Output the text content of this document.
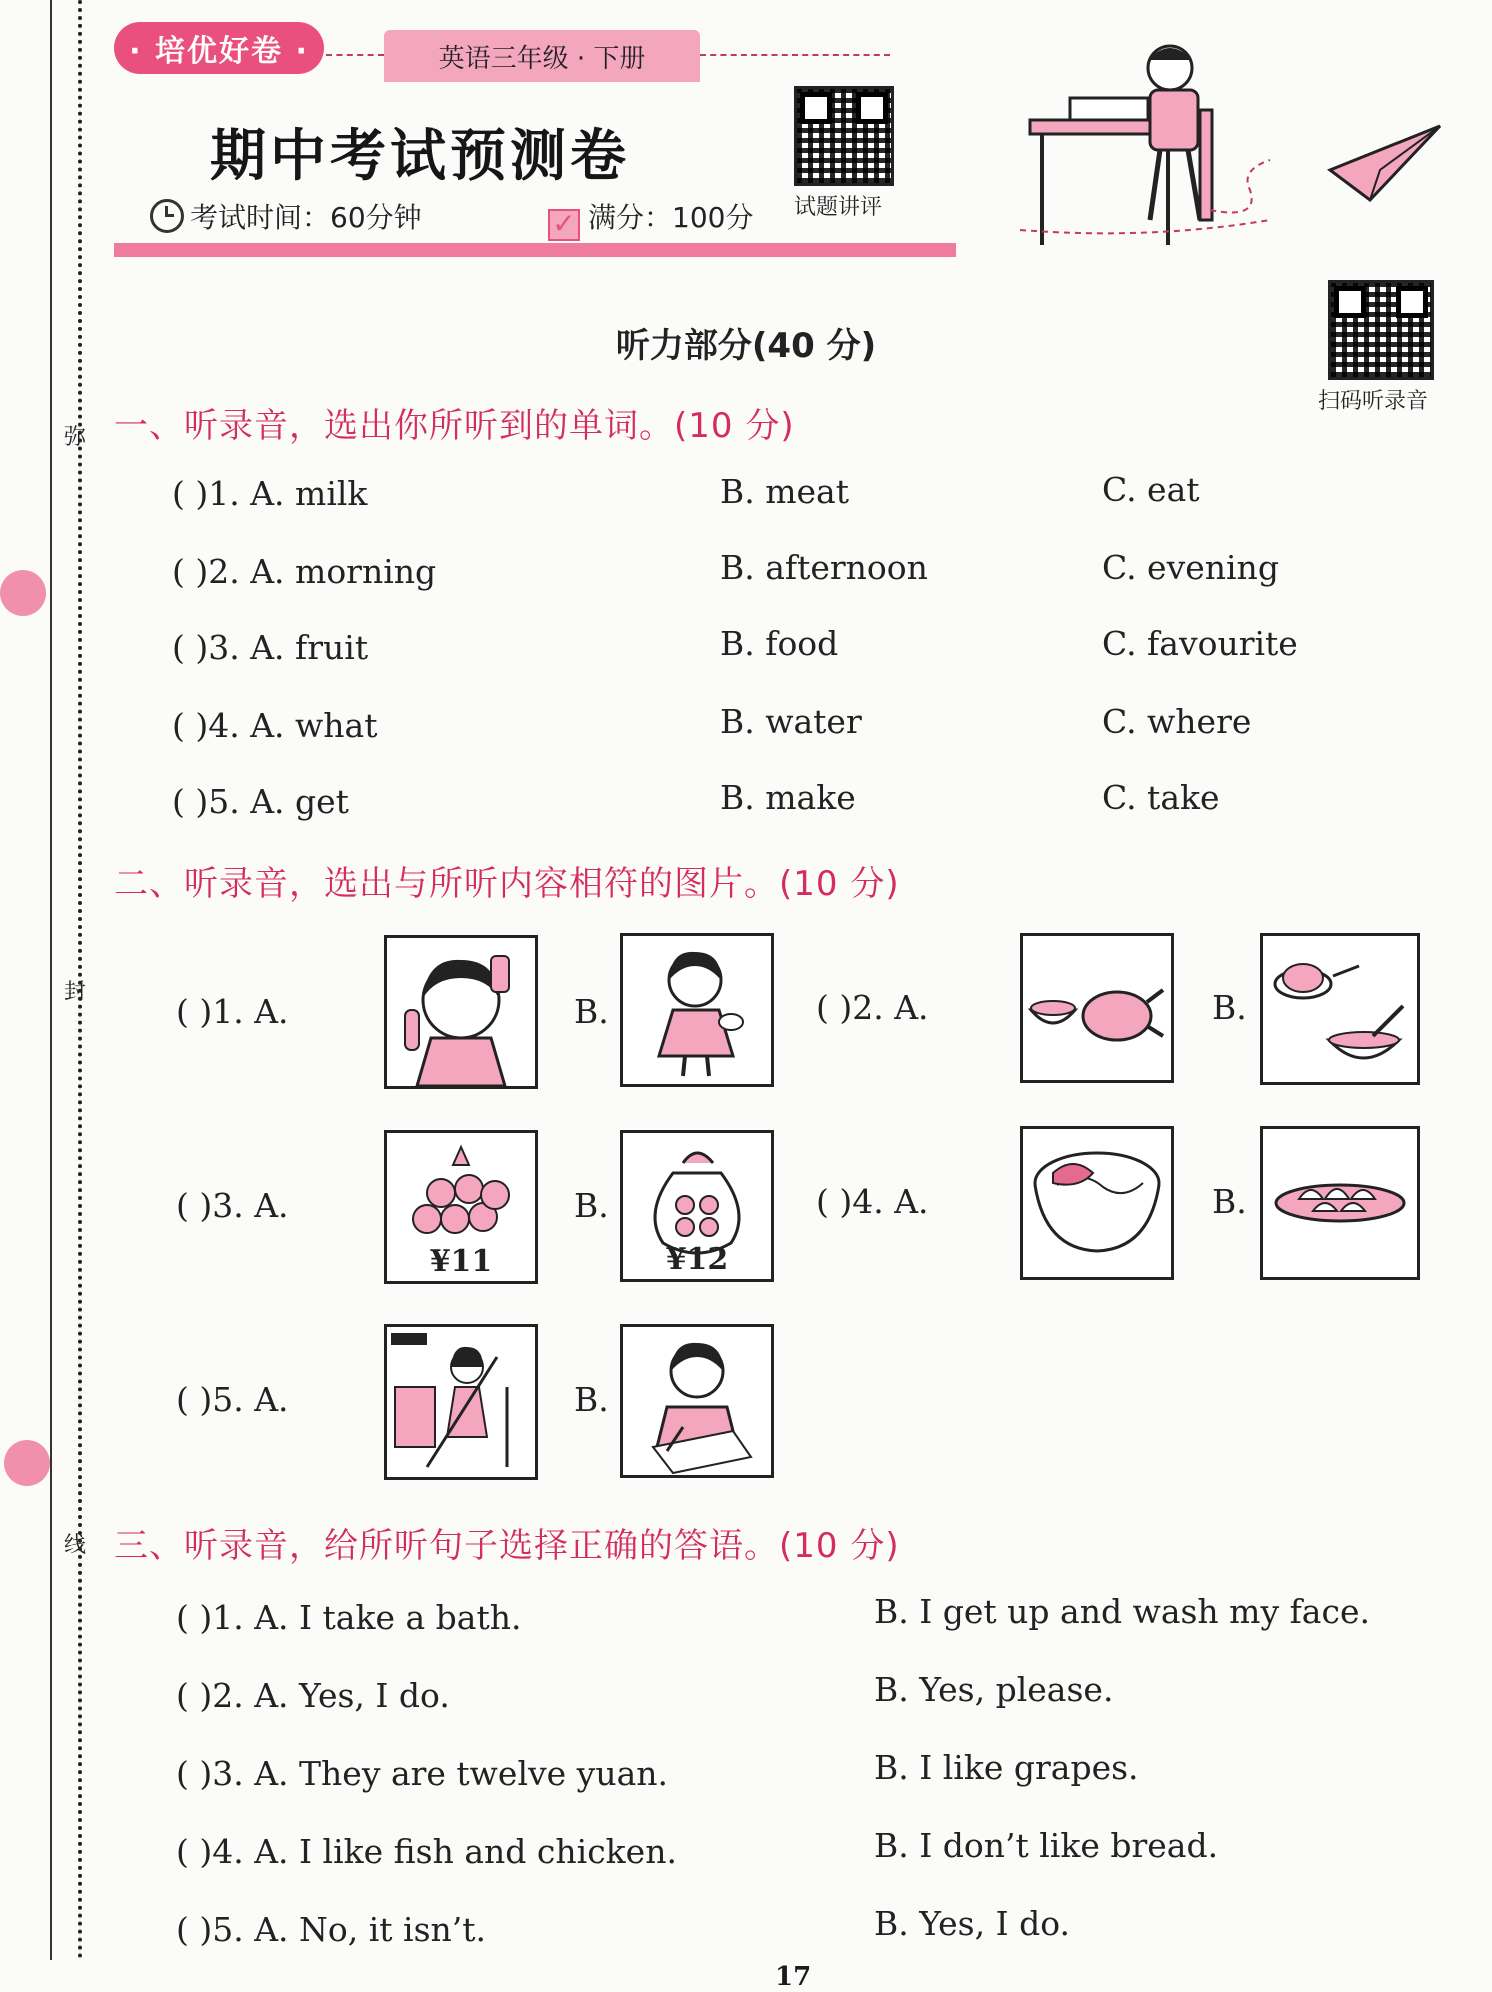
弥
封
线
· 培优好卷 ·	英语三年级 · 下册
期中考试预测卷
考试时间：60分钟	✓ 满分：100分 试题讲评
扫码听录音
听力部分(40 分)
一、听录音，选出你所听到的单词。(10 分)
( )1. A. milk	B. meat	C. eat
( )2. A. morning	B. afternoon	C. evening
( )3. A. fruit	B. food	C. favourite
( )4. A. what	B. water	C. where
( )5. A. get	B. make	C. take
二、听录音，选出与所听内容相符的图片。(10 分)
( )1. A.	B.	( )2. A.	B.
( )3. A.
¥11
B.
¥12
( )4. A.	B.
( )5. A.	B.
三、听录音，给所听句子选择正确的答语。(10 分)
( )1. A. I take a bath.	B. I get up and wash my face.
( )2. A. Yes, I do.	B. Yes, please.
( )3. A. They are twelve yuan.	B. I like grapes.
( )4. A. I like fish and chicken.	B. I don’t like bread.
( )5. A. No, it isn’t.	B. Yes, I do.
17
